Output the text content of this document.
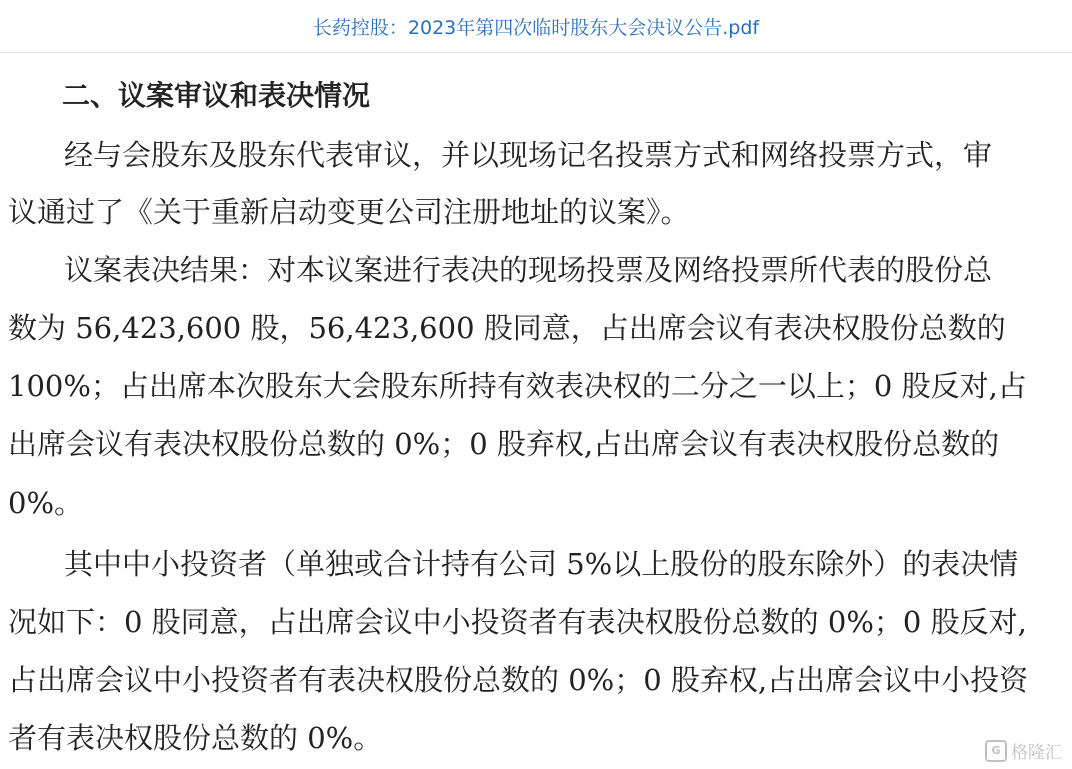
长药控股：2023年第四次临时股东大会决议公告.pdf
二、议案审议和表决情况
经与会股东及股东代表审议，并以现场记名投票方式和网络投票方式，审
议通过了《关于重新启动变更公司注册地址的议案》。
议案表决结果：对本议案进行表决的现场投票及网络投票所代表的股份总
数为 56,423,600 股，56,423,600 股同意，占出席会议有表决权股份总数的
100%；占出席本次股东大会股东所持有效表决权的二分之一以上；0 股反对,占
出席会议有表决权股份总数的 0%；0 股弃权,占出席会议有表决权股份总数的
0%。
其中中小投资者（单独或合计持有公司 5%以上股份的股东除外）的表决情
况如下：0 股同意，占出席会议中小投资者有表决权股份总数的 0%；0 股反对,
占出席会议中小投资者有表决权股份总数的 0%；0 股弃权,占出席会议中小投资
者有表决权股份总数的 0%。	G 格隆汇
